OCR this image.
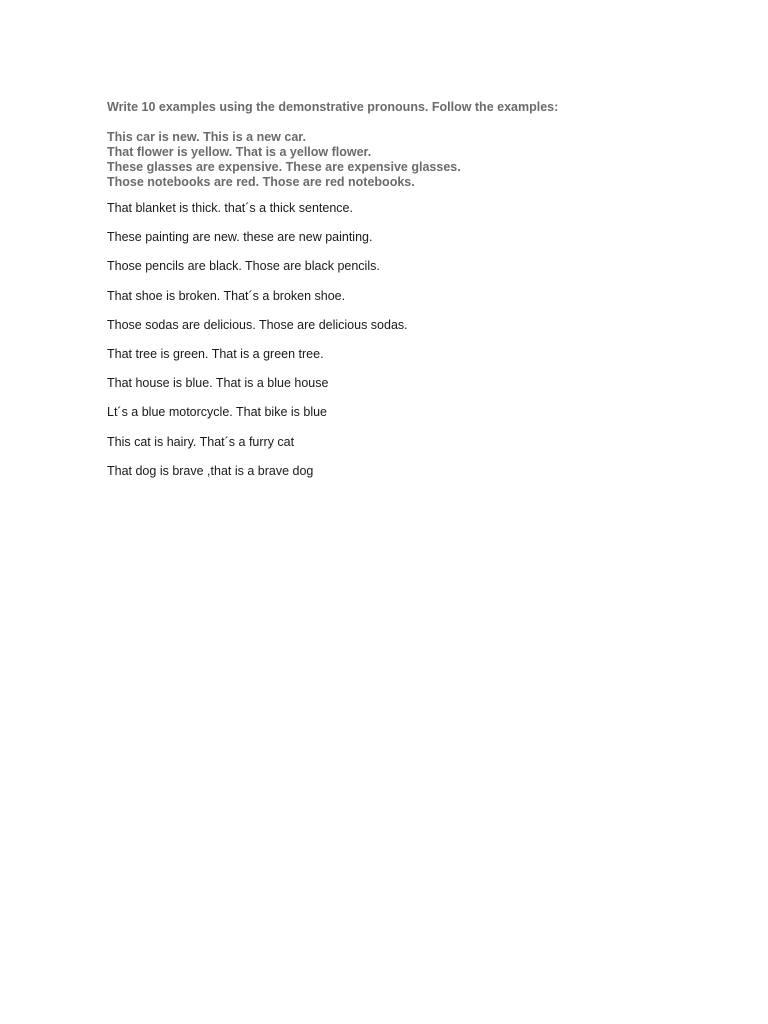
Write 10 examples using the demonstrative pronouns. Follow the examples:

This car is new. This is a new car.
That flower is yellow. That is a yellow flower.
These glasses are expensive. These are expensive glasses.
Those notebooks are red. Those are red notebooks.
That blanket is thick. that´s a thick sentence.
These painting are new. these are new painting.
Those pencils are black. Those are black pencils.
That shoe is broken. That´s a broken shoe.
Those sodas are delicious. Those are delicious sodas.
That tree is green. That is a green tree.
That house is blue. That is a blue house
Lt´s a blue motorcycle. That bike is blue
This cat is hairy. That´s a furry cat
That dog is brave ,that is a brave dog
